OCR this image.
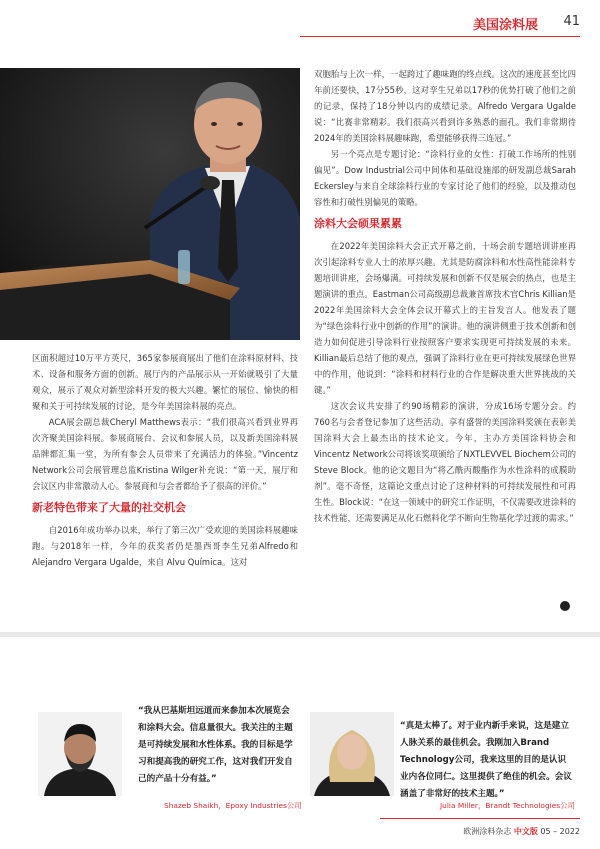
美国涂料展 41

区面积超过10万平方英尺，365家参展商展出了他们在涂料原材料、技术、设备和服务方面的创新。展厅内的产品展示从一开始就吸引了大量观众，展示了观众对新型涂料开发的极大兴趣。繁忙的展位、愉快的相聚和关于可持续发展的讨论，是今年美国涂料展的亮点。

ACA展会副总裁Cheryl Matthews表示：“我们很高兴看到业界再次齐聚美国涂料展。参展商展台、会议和参展人员，以及新美国涂料展品牌都汇集一堂，为所有参会人员带来了充满活力的体验。”Vincentz Network公司会展管理总监Kristina Wilger补充说：“第一天，展厅和会议区内非常激动人心。参展商和与会者都给予了很高的评价。”

新老特色带来了大量的社交机会

自2016年成功举办以来，举行了第三次广受欢迎的美国涂料展趣味跑。与2018年一样，今年的获奖者仍是墨西哥李生兄弟Alfredo和Alejandro Vergara Ugalde，来自 Alvu Química。这对

双胞胎与上次一样，一起跨过了趣味跑的终点线。这次的速度甚至比四年前还要快，17分55秒，这对孪生兄弟以17秒的优势打破了他们之前的记录，保持了18分钟以内的成绩记录。Alfredo Vergara Ugalde说：“比赛非常精彩。我们很高兴看到许多熟悉的面孔。我们非常期待2024年的美国涂料展趣味跑，希望能够获得三连冠。”

另一个亮点是专题讨论：“涂料行业的女性：打破工作场所的性别偏见”。Dow Industrial公司中间体和基础设施部的研发副总裁Sarah Eckersley与来自全球涂料行业的专家讨论了他们的经验，以及推动包容性和打破性别偏见的策略。

涂料大会硕果累累

在2022年美国涂料大会正式开幕之前，十场会前专题培训讲座再次引起涂料专业人士的浓厚兴趣。尤其是防腐涂料和水性高性能涂料专题培训讲座，会场爆满。可持续发展和创新不仅是展会的热点，也是主题演讲的重点。Eastman公司高级副总裁兼首席技术官Chris Killian是2022年美国涂料大会全体会议开幕式上的主旨发言人。他发表了题为“绿色涂料行业中创新的作用”的演讲。他的演讲侧重于技术创新和创造力如何促进引导涂料行业按照客户要求实现更可持续发展的未来。Killian最后总结了他的观点，强调了涂料行业在更可持续发展绿色世界中的作用，他说到：“涂料和材料行业的合作是解决重大世界挑战的关键。”

这次会议共安排了约90场精彩的演讲，分成16场专题分会。约760名与会者登记参加了这些活动。享有盛誉的美国涂料奖颁在表彰美国涂料大会上最杰出的技术论文。今年，主办方美国涂料协会和Vincentz Network公司将该奖项颁给了NXTLEVVEL Biochem公司的Steve Block。他的论文题目为“将乙酰丙酸酯作为水性涂料的成膜助剂”。毫不奇怪，这篇论文重点讨论了这种材料的可持续发展性和可再生性。Block说：“在这一领域中的研究工作证明，不仅需要改进涂料的技术性能，还需要满足从化石燃料化学不断向生物基化学过渡的需求。”

“我从巴基斯坦远道而来参加本次展览会和涂料大会。信息量很大。我关注的主题是可持续发展和水性体系。我的目标是学习和提高我的研究工作，这对我们开发自己的产品十分有益。”
Shazeb Shaikh，Epoxy Industries公司
“真是太棒了。对于业内新手来说，这是建立人脉关系的最佳机会。我刚加入Brand Technology公司，我来这里的目的是认识业内各位同仁。这里提供了绝佳的机会。会议涵盖了非常好的技术主题。”
Julia Miller，Brandt Technologies公司
欧洲涂料杂志 中文版 05 – 2022
